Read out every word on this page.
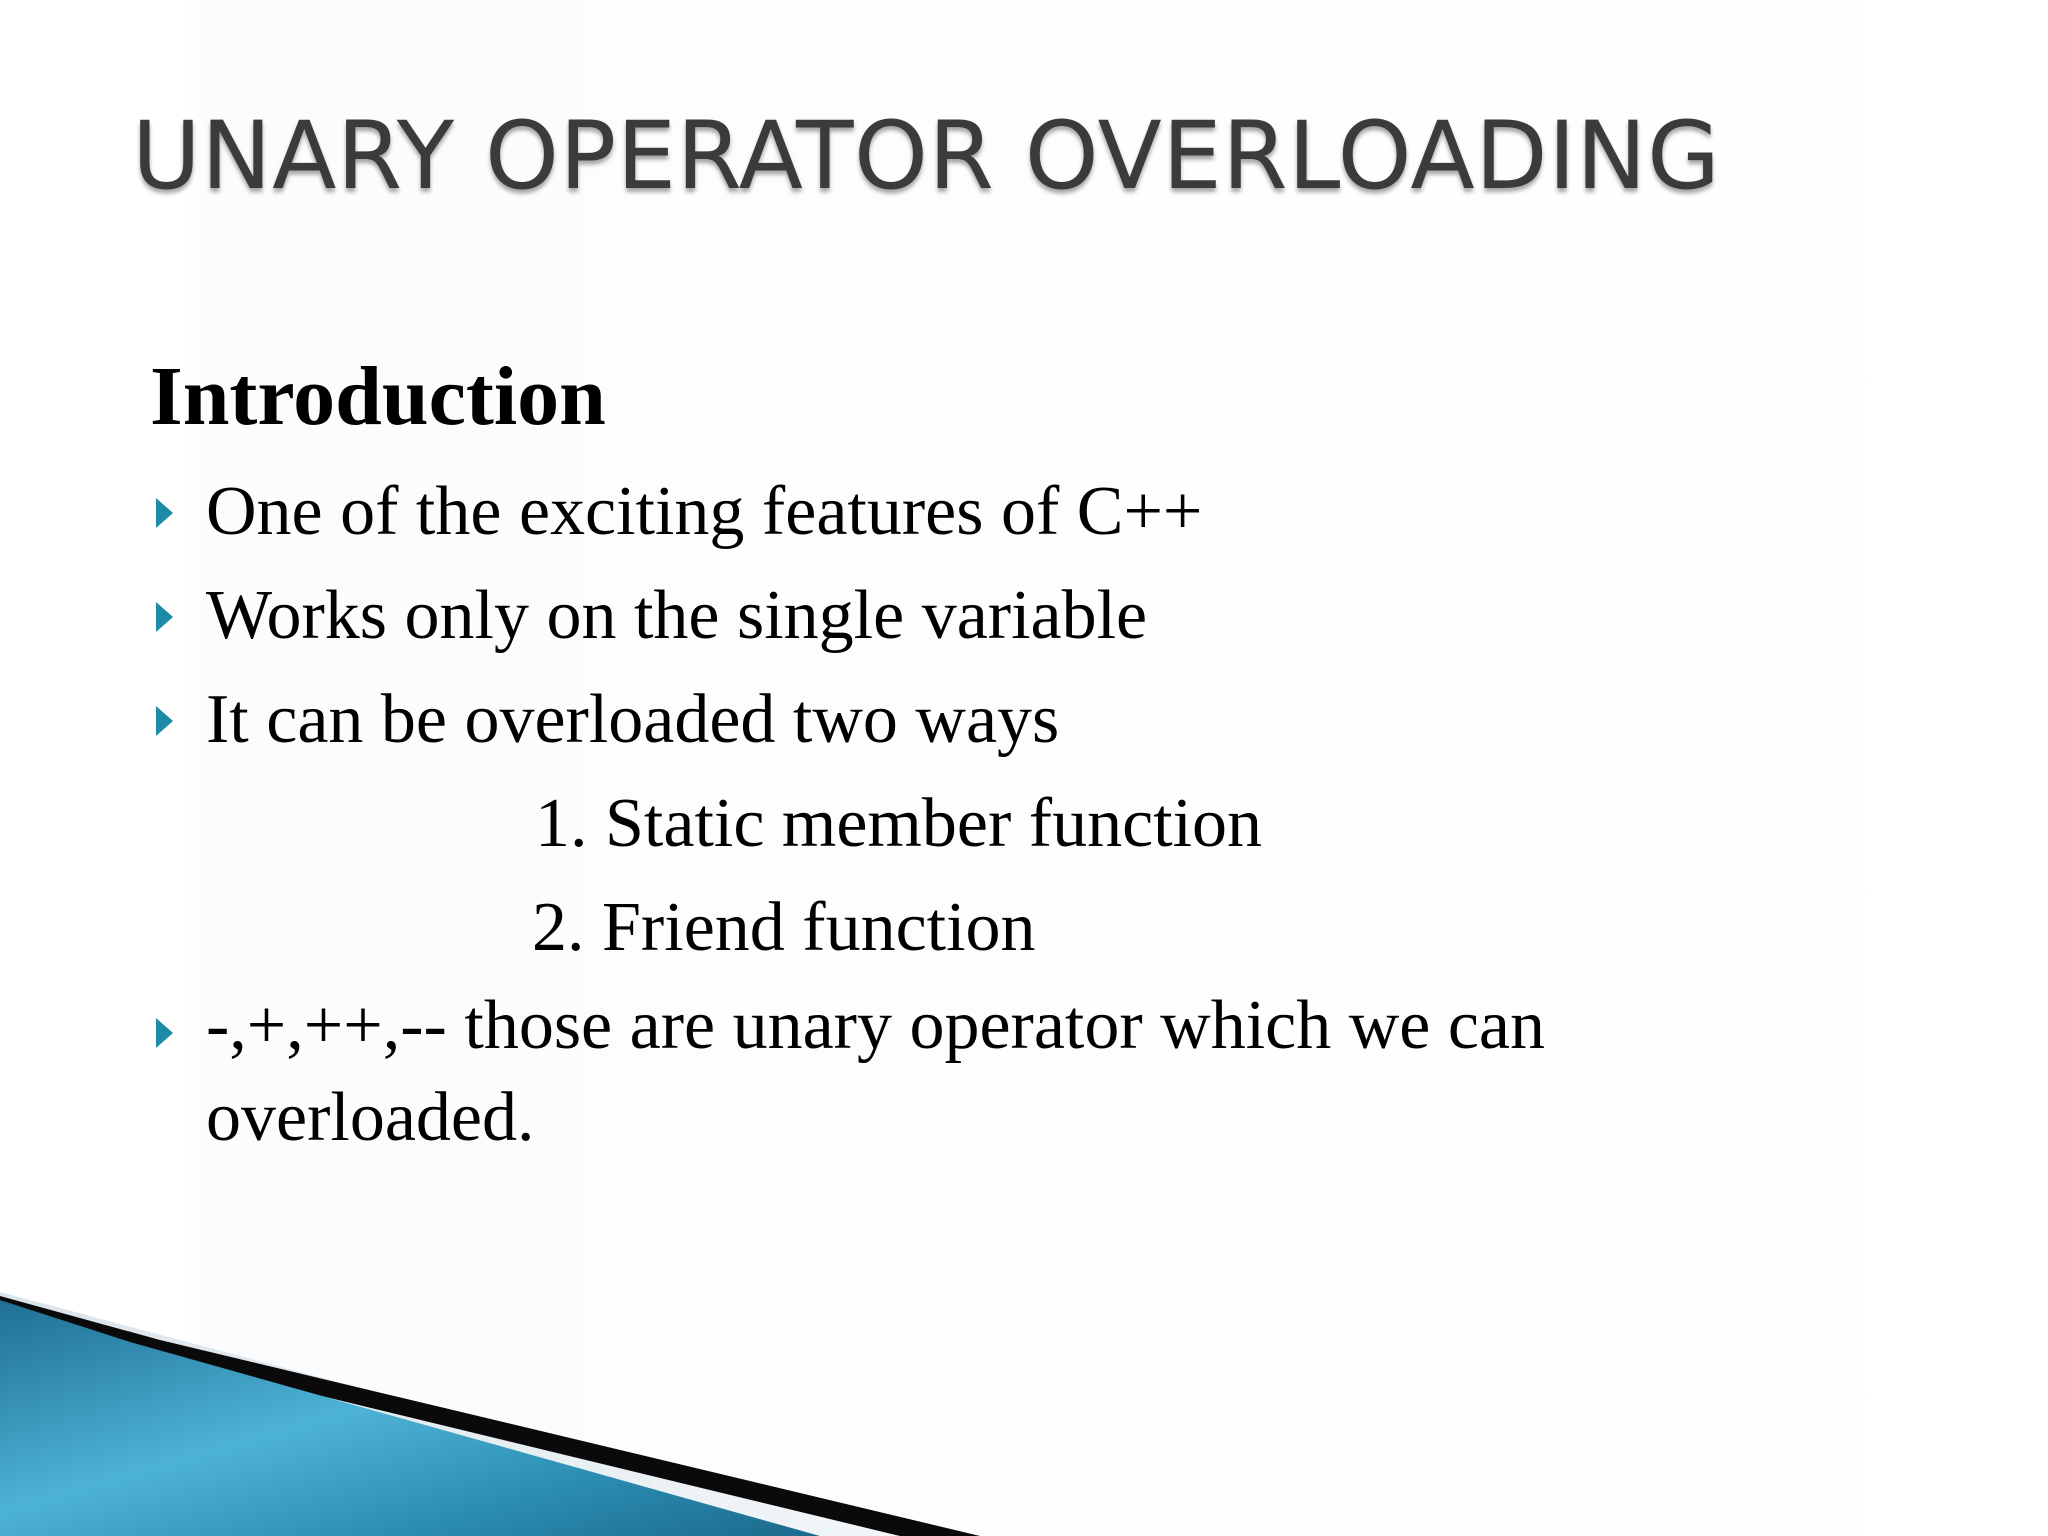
UNARY OPERATOR OVERLOADING
Introduction
One of the exciting features of C++
Works only on the single variable
It can be overloaded two ways
1. Static member function
2. Friend function
-,+,++,-- those are unary operator which we can overloaded.
